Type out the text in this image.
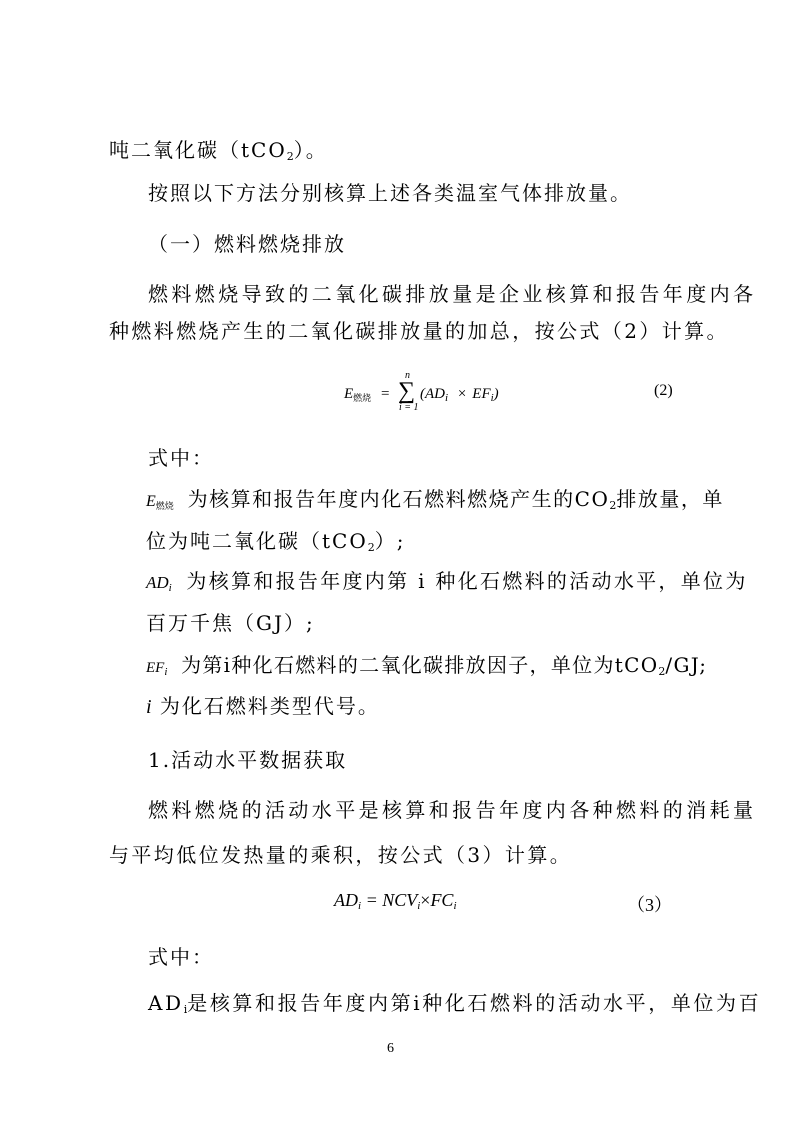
吨二氧化碳（tCO$_2$）。
按照以下方法分别核算上述各类温室气体排放量。
（一）燃料燃烧排放
燃料燃烧导致的二氧化碳排放量是企业核算和报告年度内各
种燃料燃烧产生的二氧化碳排放量的加总，按公式（2）计算。
$E_{燃烧}$ =
n
∑
i = 1
$(AD_i \times EF_i)$	(2)
式中：
$E_{燃烧}$ 为核算和报告年度内化石燃料燃烧产生的$CO_2$排放量，单
位为吨二氧化碳（tCO$_2$）;
$AD_i$ 为核算和报告年度内第 i 种化石燃料的活动水平，单位为
百万千焦（GJ）;
$EF_i$ 为第i种化石燃料的二氧化碳排放因子，单位为tCO$_2$/GJ;
i 为化石燃料类型代号。
1.活动水平数据获取
燃料燃烧的活动水平是核算和报告年度内各种燃料的消耗量
与平均低位发热量的乘积，按公式（3）计算。
$AD_i = NCV_i\times FC_i$	（3）
式中：
$AD_i$是核算和报告年度内第i种化石燃料的活动水平，单位为百
6
